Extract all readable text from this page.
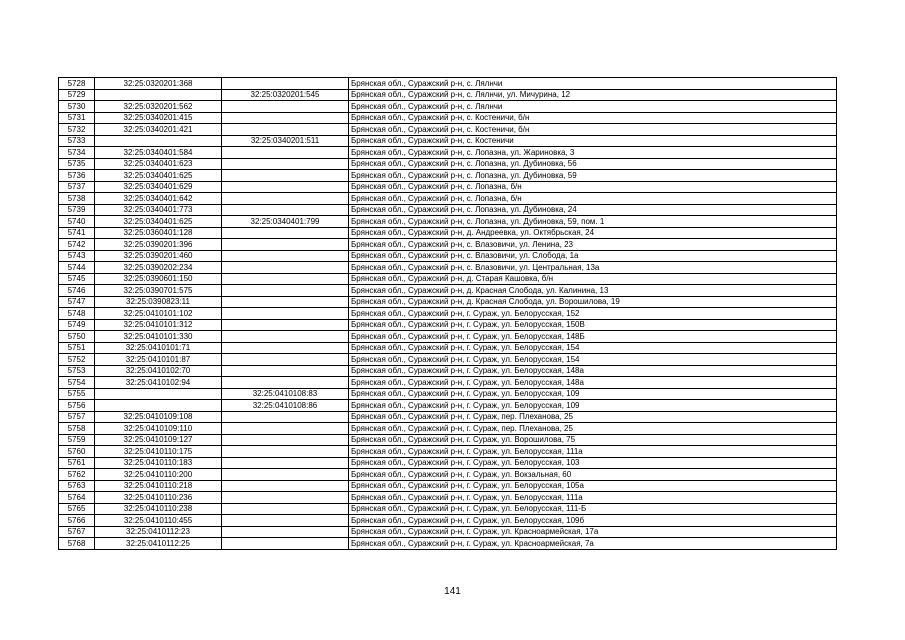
5728	32:25:0320201:368		Брянская обл., Суражский р-н, с. Лялнчи
5729		32:25:0320201:545	Брянская обл., Суражский р-н, с. Лялнчи, ул. Мичурина, 12
5730	32:25:0320201:562		Брянская обл., Суражский р-н, с. Лялнчи
5731	32:25:0340201:415		Брянская обл., Суражский р-н, с. Костеничи, б/н
5732	32:25:0340201:421		Брянская обл., Суражский р-н, с. Костеничи, б/н
5733		32:25:0340201:511	Брянская обл., Суражский р-н, с. Костеничи
5734	32:25:0340401:584		Брянская обл., Суражский р-н, с. Лопазна, ул. Жариновка, 3
5735	32:25:0340401:623		Брянская обл., Суражский р-н, с. Лопазна, ул. Дубиновка, 56
5736	32:25:0340401:625		Брянская обл., Суражский р-н, с. Лопазна, ул. Дубиновка, 59
5737	32:25:0340401:629		Брянская обл., Суражский р-н, с. Лопазна, б/н
5738	32:25:0340401:642		Брянская обл., Суражский р-н, с. Лопазна, б/н
5739	32:25:0340401:773		Брянская обл., Суражский р-н, с. Лопазна, ул. Дубиновка, 24
5740	32:25:0340401:625	32:25:0340401:799	Брянская обл., Суражский р-н, с. Лопазна, ул. Дубиновка, 59, пом. 1
5741	32:25:0360401:128		Брянская обл., Суражский р-н, д. Андреевка, ул. Октябрьская, 24
5742	32:25:0390201:396		Брянская обл., Суражский р-н, с. Влазовичи, ул. Ленина, 23
5743	32:25:0390201:460		Брянская обл., Суражский р-н, с. Влазовичи, ул. Слобода, 1а
5744	32:25:0390202:234		Брянская обл., Суражский р-н, с. Влазовичи, ул. Центральная, 13а
5745	32:25:0390601:150		Брянская обл., Суражский р-н, д. Старая Кашовка, б/н
5746	32:25:0390701:575		Брянская обл., Суражский р-н, д. Красная Слобода, ул. Калинина, 13
5747	32:25:0390823:11		Брянская обл., Суражский р-н, д. Красная Слобода, ул. Ворошилова, 19
5748	32:25:0410101:102		Брянская обл., Суражский р-н, г. Сураж, ул. Белорусская, 152
5749	32:25:0410101:312		Брянская обл., Суражский р-н, г. Сураж, ул. Белорусская, 150В
5750	32:25:0410101:330		Брянская обл., Суражский р-н, г. Сураж, ул. Белорусская, 148Б
5751	32:25:0410101:71		Брянская обл., Суражский р-н, г. Сураж, ул. Белорусская, 154
5752	32:25:0410101:87		Брянская обл., Суражский р-н, г. Сураж, ул. Белорусская, 154
5753	32:25:0410102:70		Брянская обл., Суражский р-н, г. Сураж, ул. Белорусская, 148а
5754	32:25:0410102:94		Брянская обл., Суражский р-н, г. Сураж, ул. Белорусская, 148а
5755		32:25:0410108:83	Брянская обл., Суражский р-н, г. Сураж, ул. Белорусская, 109
5756		32:25:0410108:86	Брянская обл., Суражский р-н, г. Сураж, ул. Белорусская, 109
5757	32:25:0410109:108		Брянская обл., Суражский р-н, г. Сураж, пер. Плеханова, 25
5758	32:25:0410109:110		Брянская обл., Суражский р-н, г. Сураж, пер. Плеханова, 25
5759	32:25:0410109:127		Брянская обл., Суражский р-н, г. Сураж, ул. Ворошилова, 75
5760	32:25:0410110:175		Брянская обл., Суражский р-н, г. Сураж, ул. Белорусская, 111а
5761	32:25:0410110:183		Брянская обл., Суражский р-н, г. Сураж, ул. Белорусская, 103
5762	32:25:0410110:200		Брянская обл., Суражский р-н, г. Сураж, ул. Вокзальная, 60
5763	32:25:0410110:218		Брянская обл., Суражский р-н, г. Сураж, ул. Белорусская, 105а
5764	32:25:0410110:236		Брянская обл., Суражский р-н, г. Сураж, ул. Белорусская, 111а
5765	32:25:0410110:238		Брянская обл., Суражский р-н, г. Сураж, ул. Белорусская, 111-Б
5766	32:25:0410110:455		Брянская обл., Суражский р-н, г. Сураж, ул. Белорусская, 109б
5767	32:25:0410112:23		Брянская обл., Суражский р-н, г. Сураж, ул. Красноармейская, 17а
5768	32:25:0410112:25		Брянская обл., Суражский р-н, г. Сураж, ул. Красноармейская, 7а
141
